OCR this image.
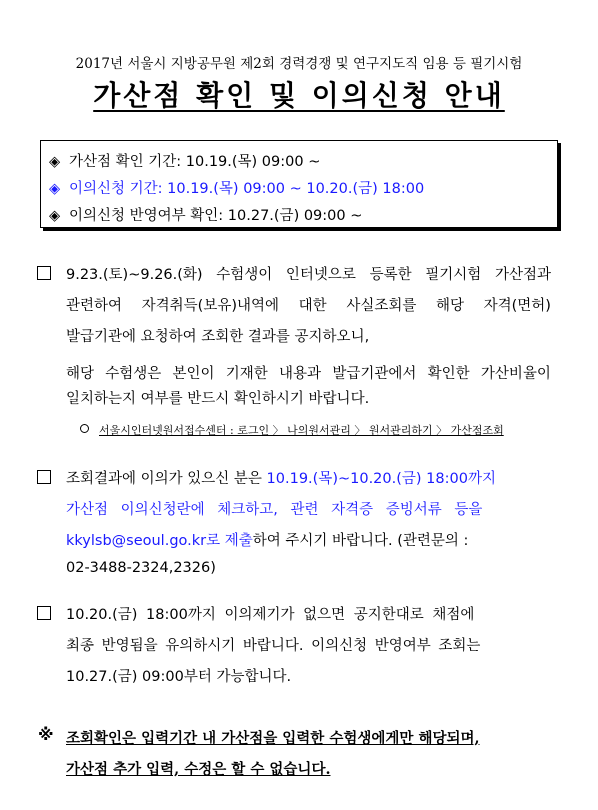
2017년 서울시 지방공무원 제2회 경력경쟁 및 연구지도직 임용 등 필기시험
가산점 확인 및 이의신청 안내
◈ 가산점 확인 기간: 10.19.(목) 09:00 ~
◈ 이의신청 기간: 10.19.(목) 09:00 ~ 10.20.(금) 18:00
◈ 이의신청 반영여부 확인: 10.27.(금) 09:00 ~
9.23.(토)~9.26.(화) 수험생이 인터넷으로 등록한 필기시험 가산점과
관련하여 자격취득(보유)내역에 대한 사실조회를 해당 자격(면허)
발급기관에 요청하여 조회한 결과를 공지하오니,
해당 수험생은 본인이 기재한 내용과 발급기관에서 확인한 가산비율이
일치하는지 여부를 반드시 확인하시기 바랍니다.
서울시인터넷원서접수센터 : 로그인 〉 나의원서관리 〉 원서관리하기 〉 가산점조회
조회결과에 이의가 있으신 분은 10.19.(목)~10.20.(금) 18:00까지
가산점 이의신청란에 체크하고, 관련 자격증 증빙서류 등을
kkylsb@seoul.go.kr로 제출하여 주시기 바랍니다. (관련문의 :
02-3488-2324,2326)
10.20.(금) 18:00까지 이의제기가 없으면 공지한대로 채점에
최종 반영됨을 유의하시기 바랍니다. 이의신청 반영여부 조회는
10.27.(금) 09:00부터 가능합니다.
※ 조회확인은 입력기간 내 가산점을 입력한 수험생에게만 해당되며,
가산점 추가 입력, 수정은 할 수 없습니다.
